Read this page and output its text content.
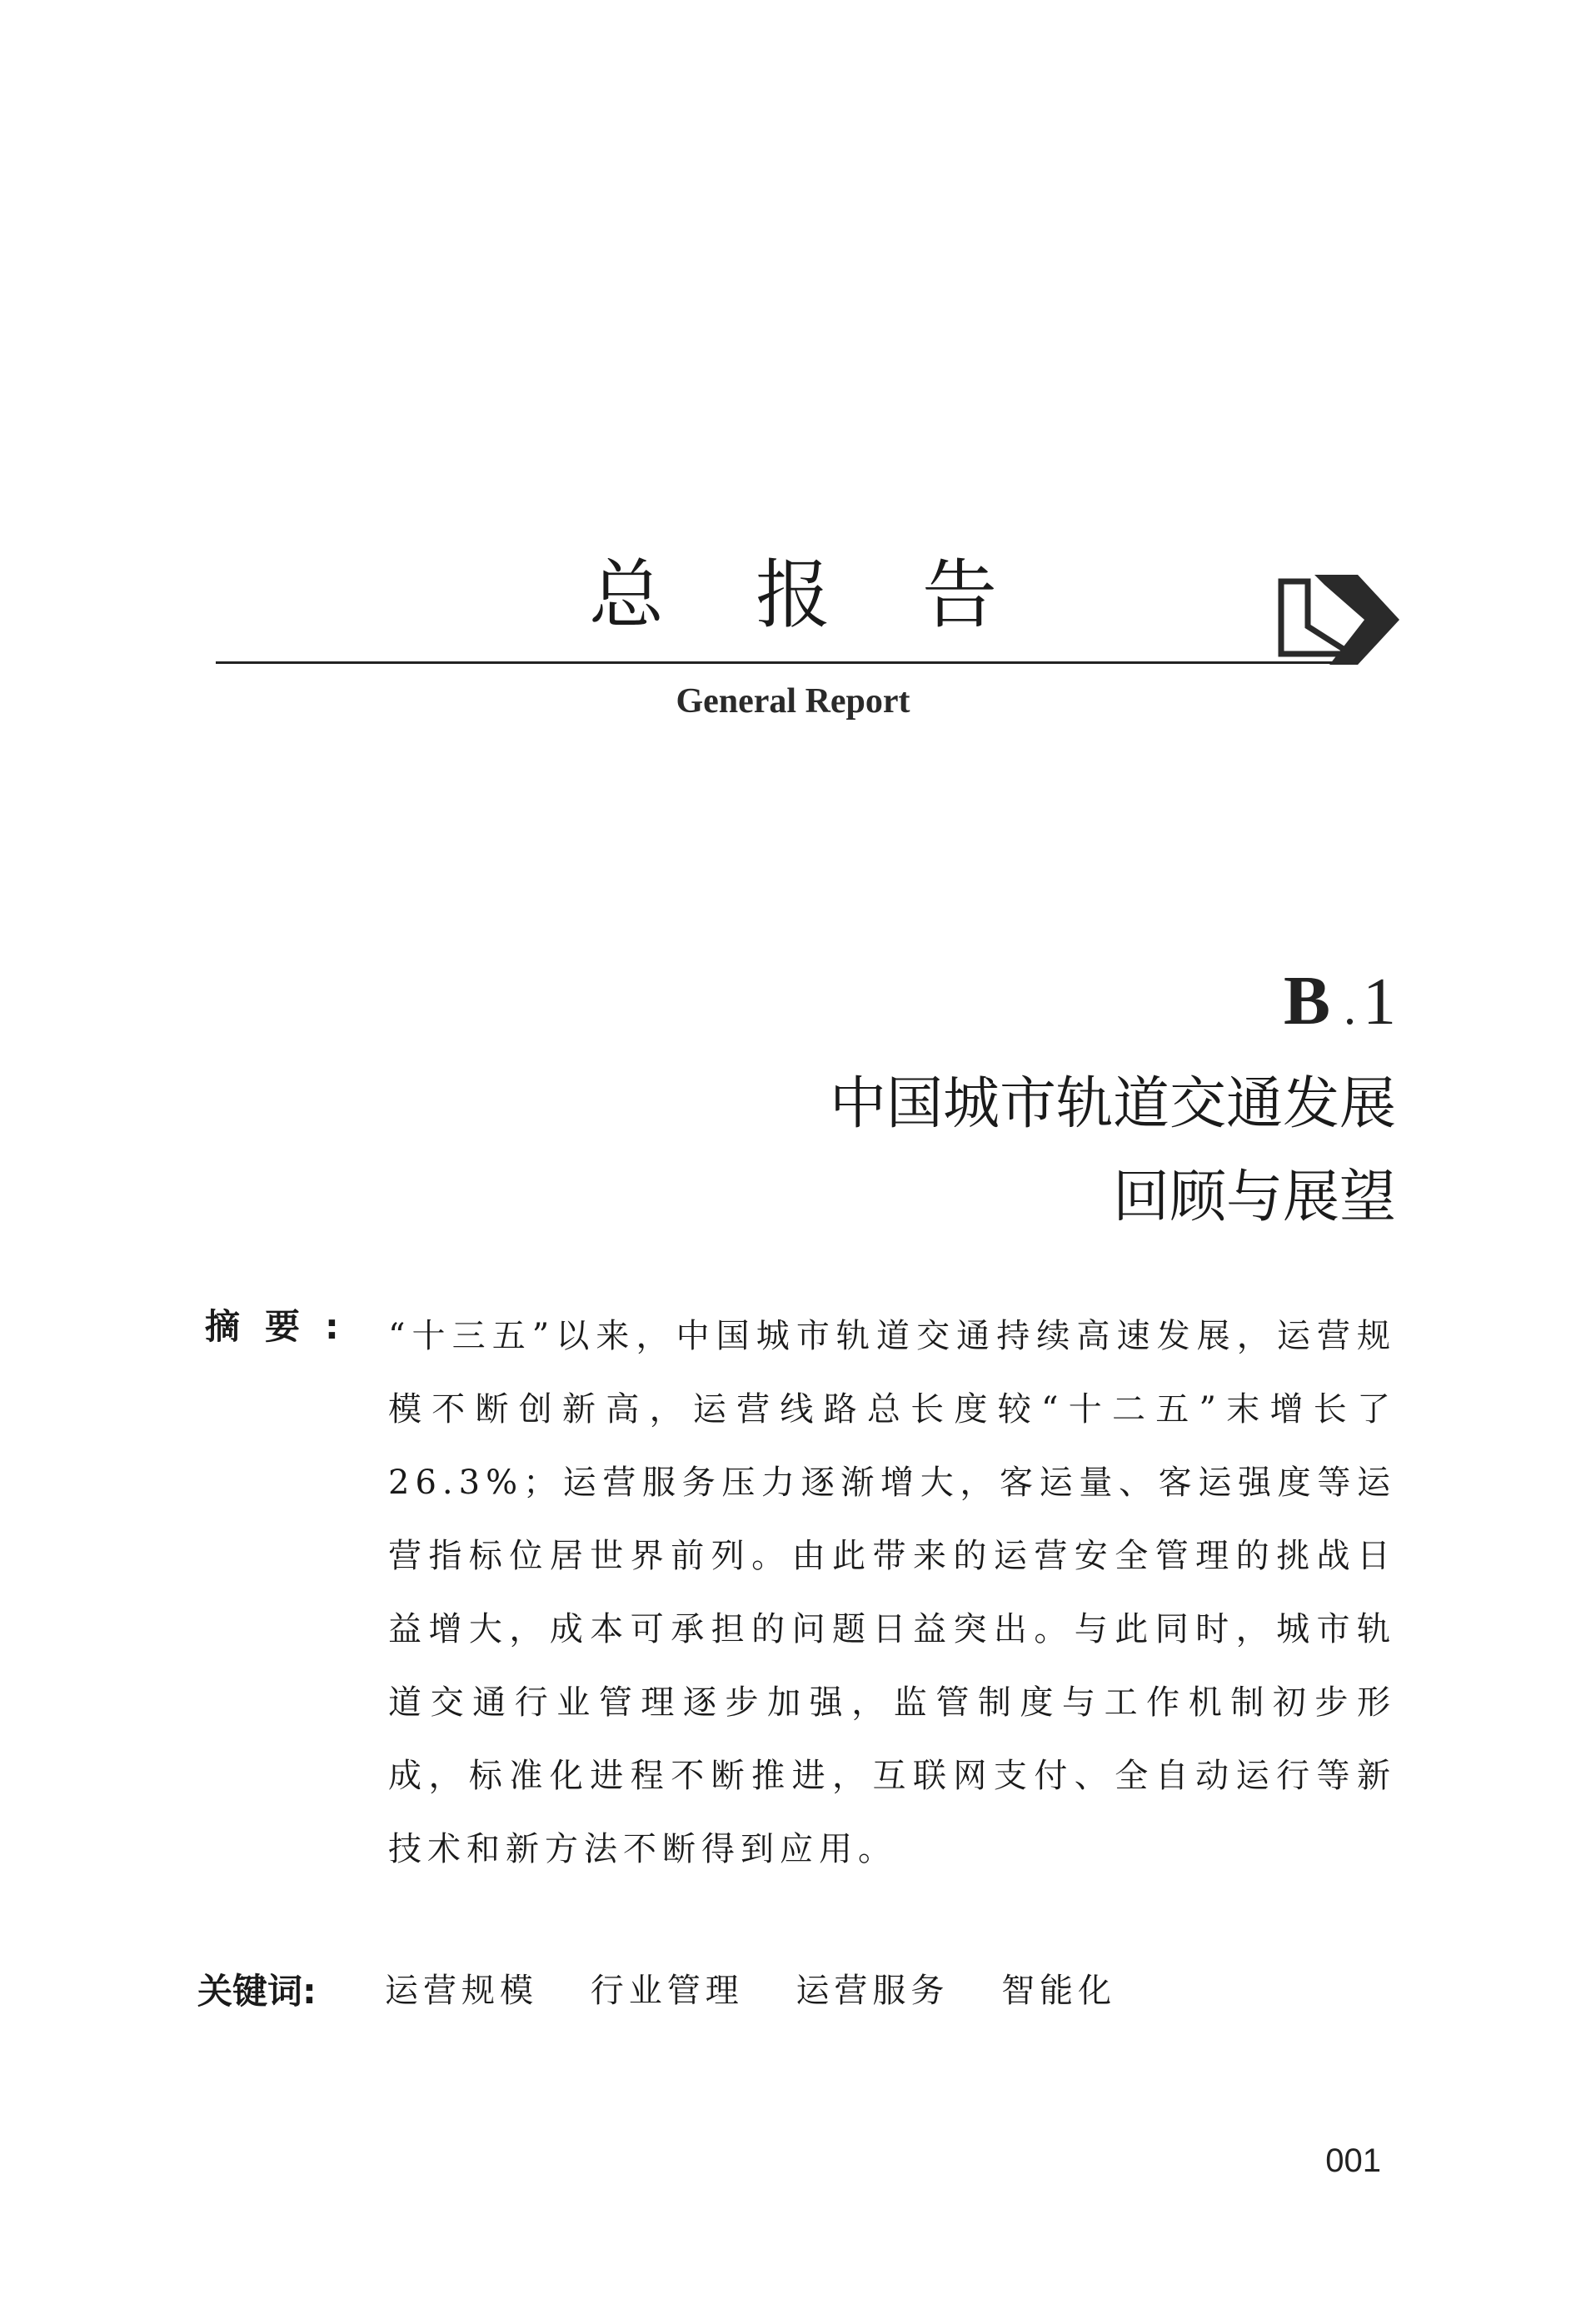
总报告
General Report
B . 1
中国城市轨道交通发展
回顾与展望
摘要: “十三五”以来，中国城市轨道交通持续高速发展，运营规模不断创新高，运营线路总长度较“十二五”末增长了26.3%；运营服务压力逐渐增大，客运量、客运强度等运营指标位居世界前列。由此带来的运营安全管理的挑战日益增大，成本可承担的问题日益突出。与此同时，城市轨道交通行业管理逐步加强，监管制度与工作机制初步形成，标准化进程不断推进，互联网支付、全自动运行等新技术和新方法不断得到应用。
关键词: 运营规模 行业管理 运营服务 智能化
001
